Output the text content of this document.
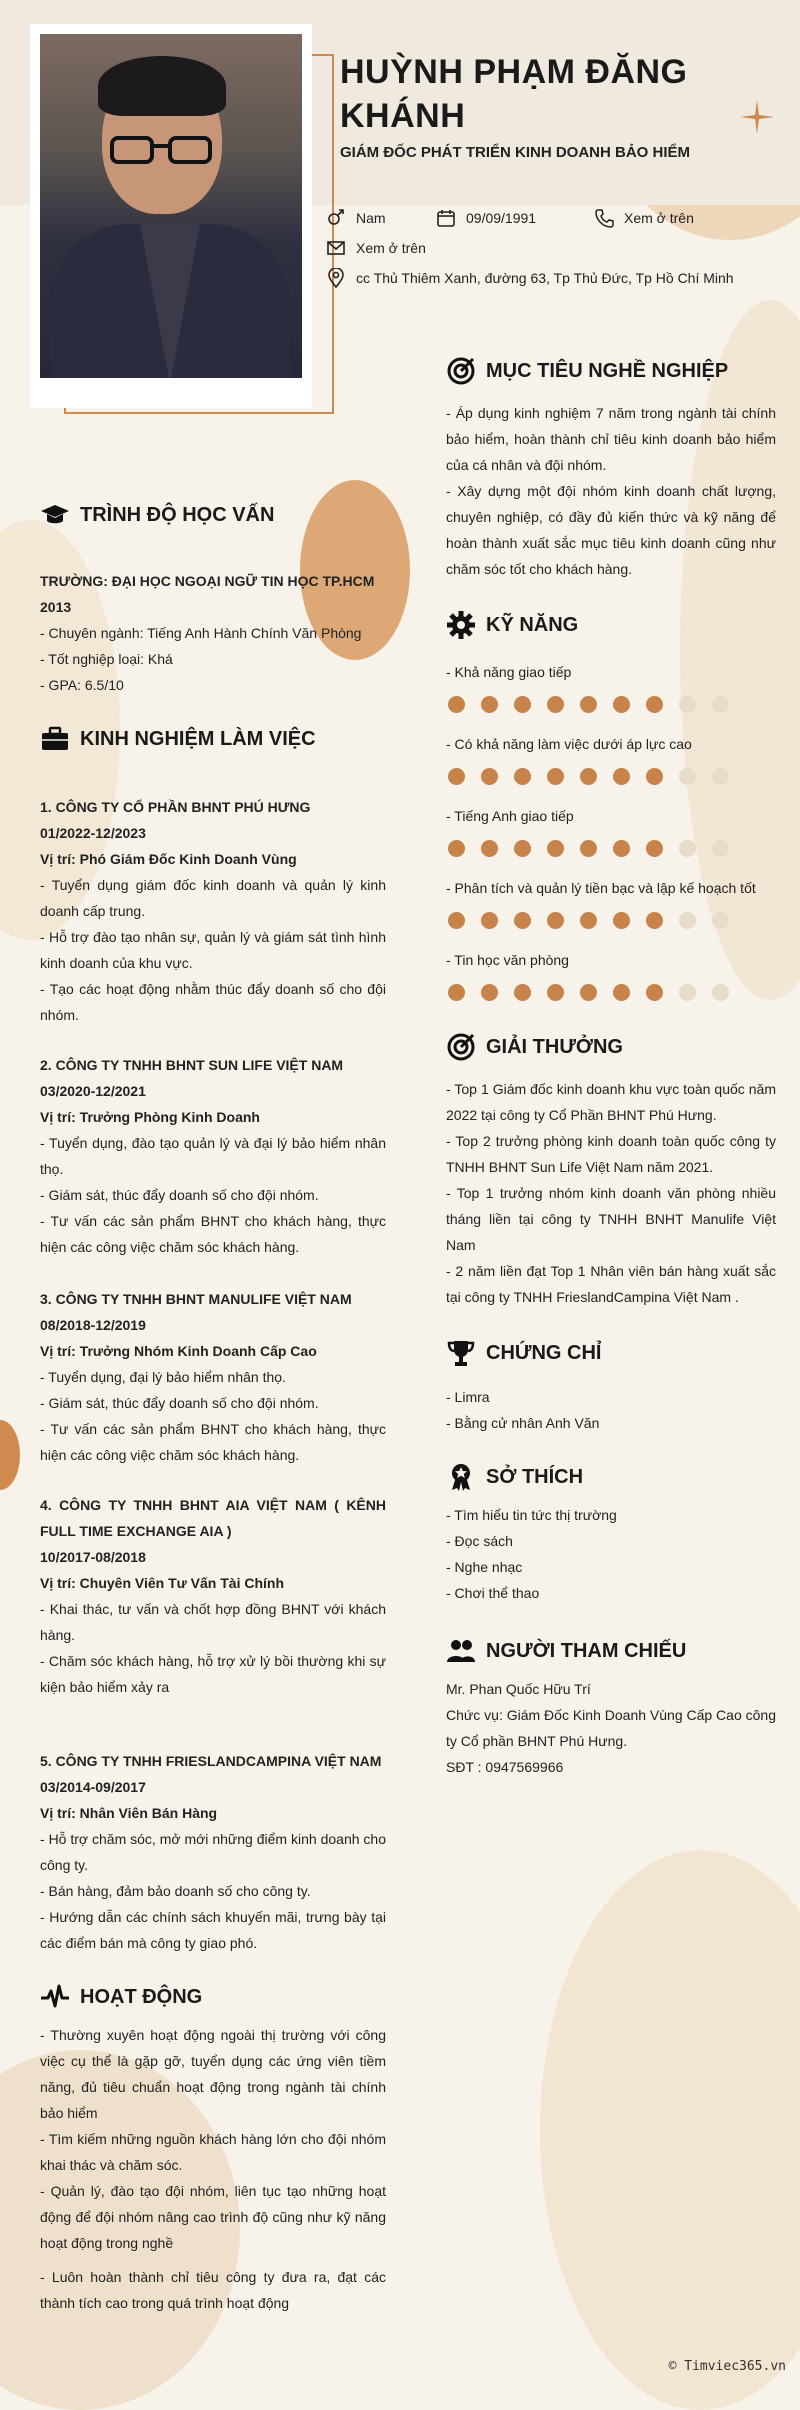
HUỲNH PHẠM ĐĂNG KHÁNH
GIÁM ĐỐC PHÁT TRIỂN KINH DOANH BẢO HIỂM
Nam	09/09/1991	Xem ở trên
Xem ở trên
cc Thủ Thiêm Xanh, đường 63, Tp Thủ Đức, Tp Hồ Chí Minh
TRÌNH ĐỘ HỌC VẤN

TRƯỜNG: ĐẠI HỌC NGOẠI NGỮ TIN HỌC TP.HCM

2013

- Chuyên ngành: Tiếng Anh Hành Chính Văn Phòng

- Tốt nghiệp loại: Khá

- GPA: 6.5/10

KINH NGHIỆM LÀM VIỆC

1. CÔNG TY CỔ PHẦN BHNT PHÚ HƯNG

01/2022-12/2023

Vị trí: Phó Giám Đốc Kinh Doanh Vùng

- Tuyển dụng giám đốc kinh doanh và quản lý kinh doanh cấp trung.

- Hỗ trợ đào tạo nhân sự, quản lý và giám sát tình hình kinh doanh của khu vực.

- Tạo các hoạt động nhằm thúc đẩy doanh số cho đội nhóm.

2. CÔNG TY TNHH BHNT SUN LIFE VIỆT NAM

03/2020-12/2021

Vị trí: Trưởng Phòng Kinh Doanh

- Tuyển dụng, đào tạo quản lý và đại lý bảo hiểm nhân thọ.

- Giám sát, thúc đẩy doanh số cho đội nhóm.

- Tư vấn các sản phẩm BHNT cho khách hàng, thực hiện các công việc chăm sóc khách hàng.

3. CÔNG TY TNHH BHNT MANULIFE VIỆT NAM

08/2018-12/2019

Vị trí: Trưởng Nhóm Kinh Doanh Cấp Cao

- Tuyển dụng, đại lý bảo hiểm nhân thọ.

- Giám sát, thúc đẩy doanh số cho đội nhóm.

- Tư vấn các sản phẩm BHNT cho khách hàng, thực hiện các công việc chăm sóc khách hàng.

4. CÔNG TY TNHH BHNT AIA VIỆT NAM ( KÊNH FULL TIME EXCHANGE AIA )

10/2017-08/2018

Vị trí: Chuyên Viên Tư Vấn Tài Chính

- Khai thác, tư vấn và chốt hợp đồng BHNT với khách hàng.

- Chăm sóc khách hàng, hỗ trợ xử lý bồi thường khi sự kiện bảo hiểm xảy ra

5. CÔNG TY TNHH FRIESLANDCAMPINA VIỆT NAM

03/2014-09/2017

Vị trí: Nhân Viên Bán Hàng

- Hỗ trợ chăm sóc, mở mới những điểm kinh doanh cho công ty.

- Bán hàng, đảm bảo doanh số cho công ty.

- Hướng dẫn các chính sách khuyến mãi, trưng bày tại các điểm bán mà công ty giao phó.

HOẠT ĐỘNG

- Thường xuyên hoạt động ngoài thị trường với công việc cụ thể là gặp gỡ, tuyển dụng các ứng viên tiềm năng, đủ tiêu chuẩn hoạt động trong ngành tài chính bảo hiểm

- Tìm kiếm những nguồn khách hàng lớn cho đội nhóm khai thác và chăm sóc.

- Quản lý, đào tạo đội nhóm, liên tục tạo những hoạt động để đội nhóm nâng cao trình độ cũng như kỹ năng hoạt động trong nghề

- Luôn hoàn thành chỉ tiêu công ty đưa ra, đạt các thành tích cao trong quá trình hoạt động

MỤC TIÊU NGHỀ NGHIỆP

- Áp dụng kinh nghiệm 7 năm trong ngành tài chính bảo hiểm, hoàn thành chỉ tiêu kinh doanh bảo hiểm của cá nhân và đội nhóm.

- Xây dựng một đội nhóm kinh doanh chất lượng, chuyên nghiệp, có đầy đủ kiến thức và kỹ năng để hoàn thành xuất sắc mục tiêu kinh doanh cũng như chăm sóc tốt cho khách hàng.

KỸ NĂNG
- Khả năng giao tiếp
- Có khả năng làm việc dưới áp lực cao
- Tiếng Anh giao tiếp
- Phân tích và quản lý tiền bạc và lập kế hoạch tốt
- Tin học văn phòng
GIẢI THƯỞNG

- Top 1 Giám đốc kinh doanh khu vực toàn quốc năm 2022 tại công ty Cổ Phần BHNT Phú Hưng.

- Top 2 trưởng phòng kinh doanh toàn quốc công ty TNHH BHNT Sun Life Việt Nam năm 2021.

- Top 1 trưởng nhóm kinh doanh văn phòng nhiều tháng liền tại công ty TNHH BNHT Manulife Việt Nam

- 2 năm liền đạt Top 1 Nhân viên bán hàng xuất sắc tại công ty TNHH FrieslandCampina Việt Nam .

CHỨNG CHỈ

- Limra

- Bằng cử nhân Anh Văn

SỞ THÍCH

- Tìm hiểu tin tức thị trường

- Đọc sách

- Nghe nhạc

- Chơi thể thao

NGƯỜI THAM CHIẾU

Mr. Phan Quốc Hữu Trí

Chức vụ: Giám Đốc Kinh Doanh Vùng Cấp Cao công ty Cổ phần BHNT Phú Hưng.

SĐT : 0947569966

© Timviec365.vn
